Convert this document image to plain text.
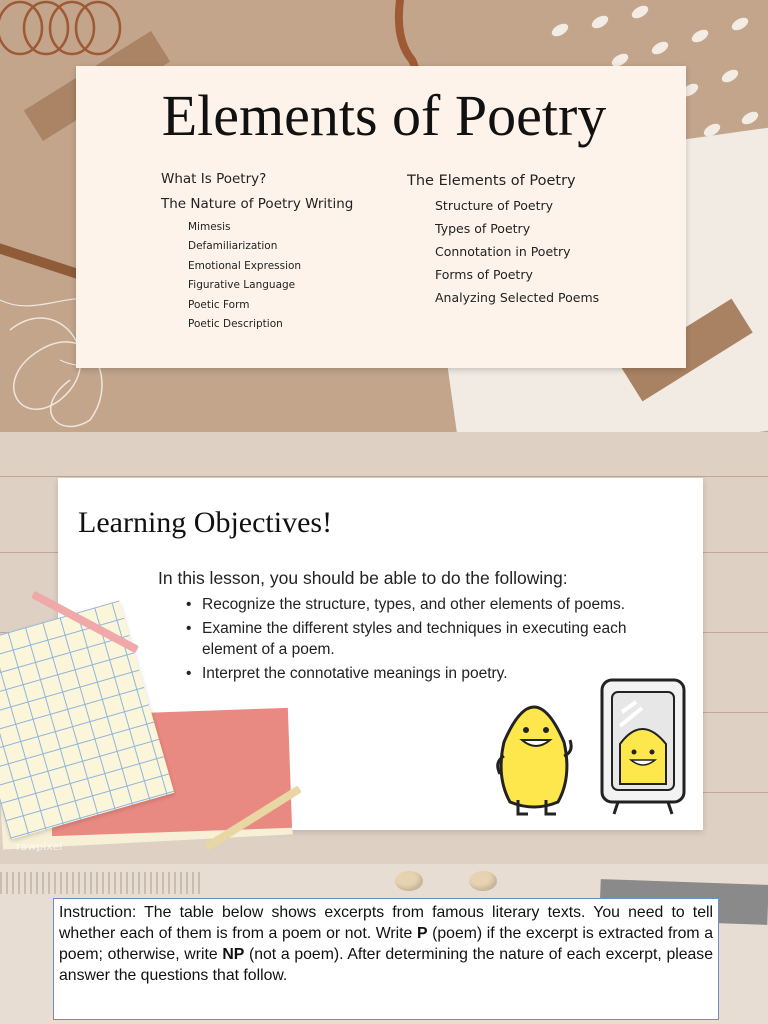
Elements of Poetry
What Is Poetry?
The Nature of Poetry Writing
Mimesis
Defamiliarization
Emotional Expression
Figurative Language
Poetic Form
Poetic Description
The Elements of Poetry
Structure of Poetry
Types of Poetry
Connotation in Poetry
Forms of Poetry
Analyzing Selected Poems
Learning Objectives!
In this lesson, you should be able to do the following:
• Recognize the structure, types, and other elements of poems.
• Examine the different styles and techniques in executing each element of a poem.
• Interpret the connotative meanings in poetry.
rawpixel

Instruction: The table below shows excerpts from famous literary texts. You need to tell whether each of them is from a poem or not. Write P (poem) if the excerpt is extracted from a poem; otherwise, write NP (not a poem). After determining the nature of each excerpt, please answer the questions that follow.
